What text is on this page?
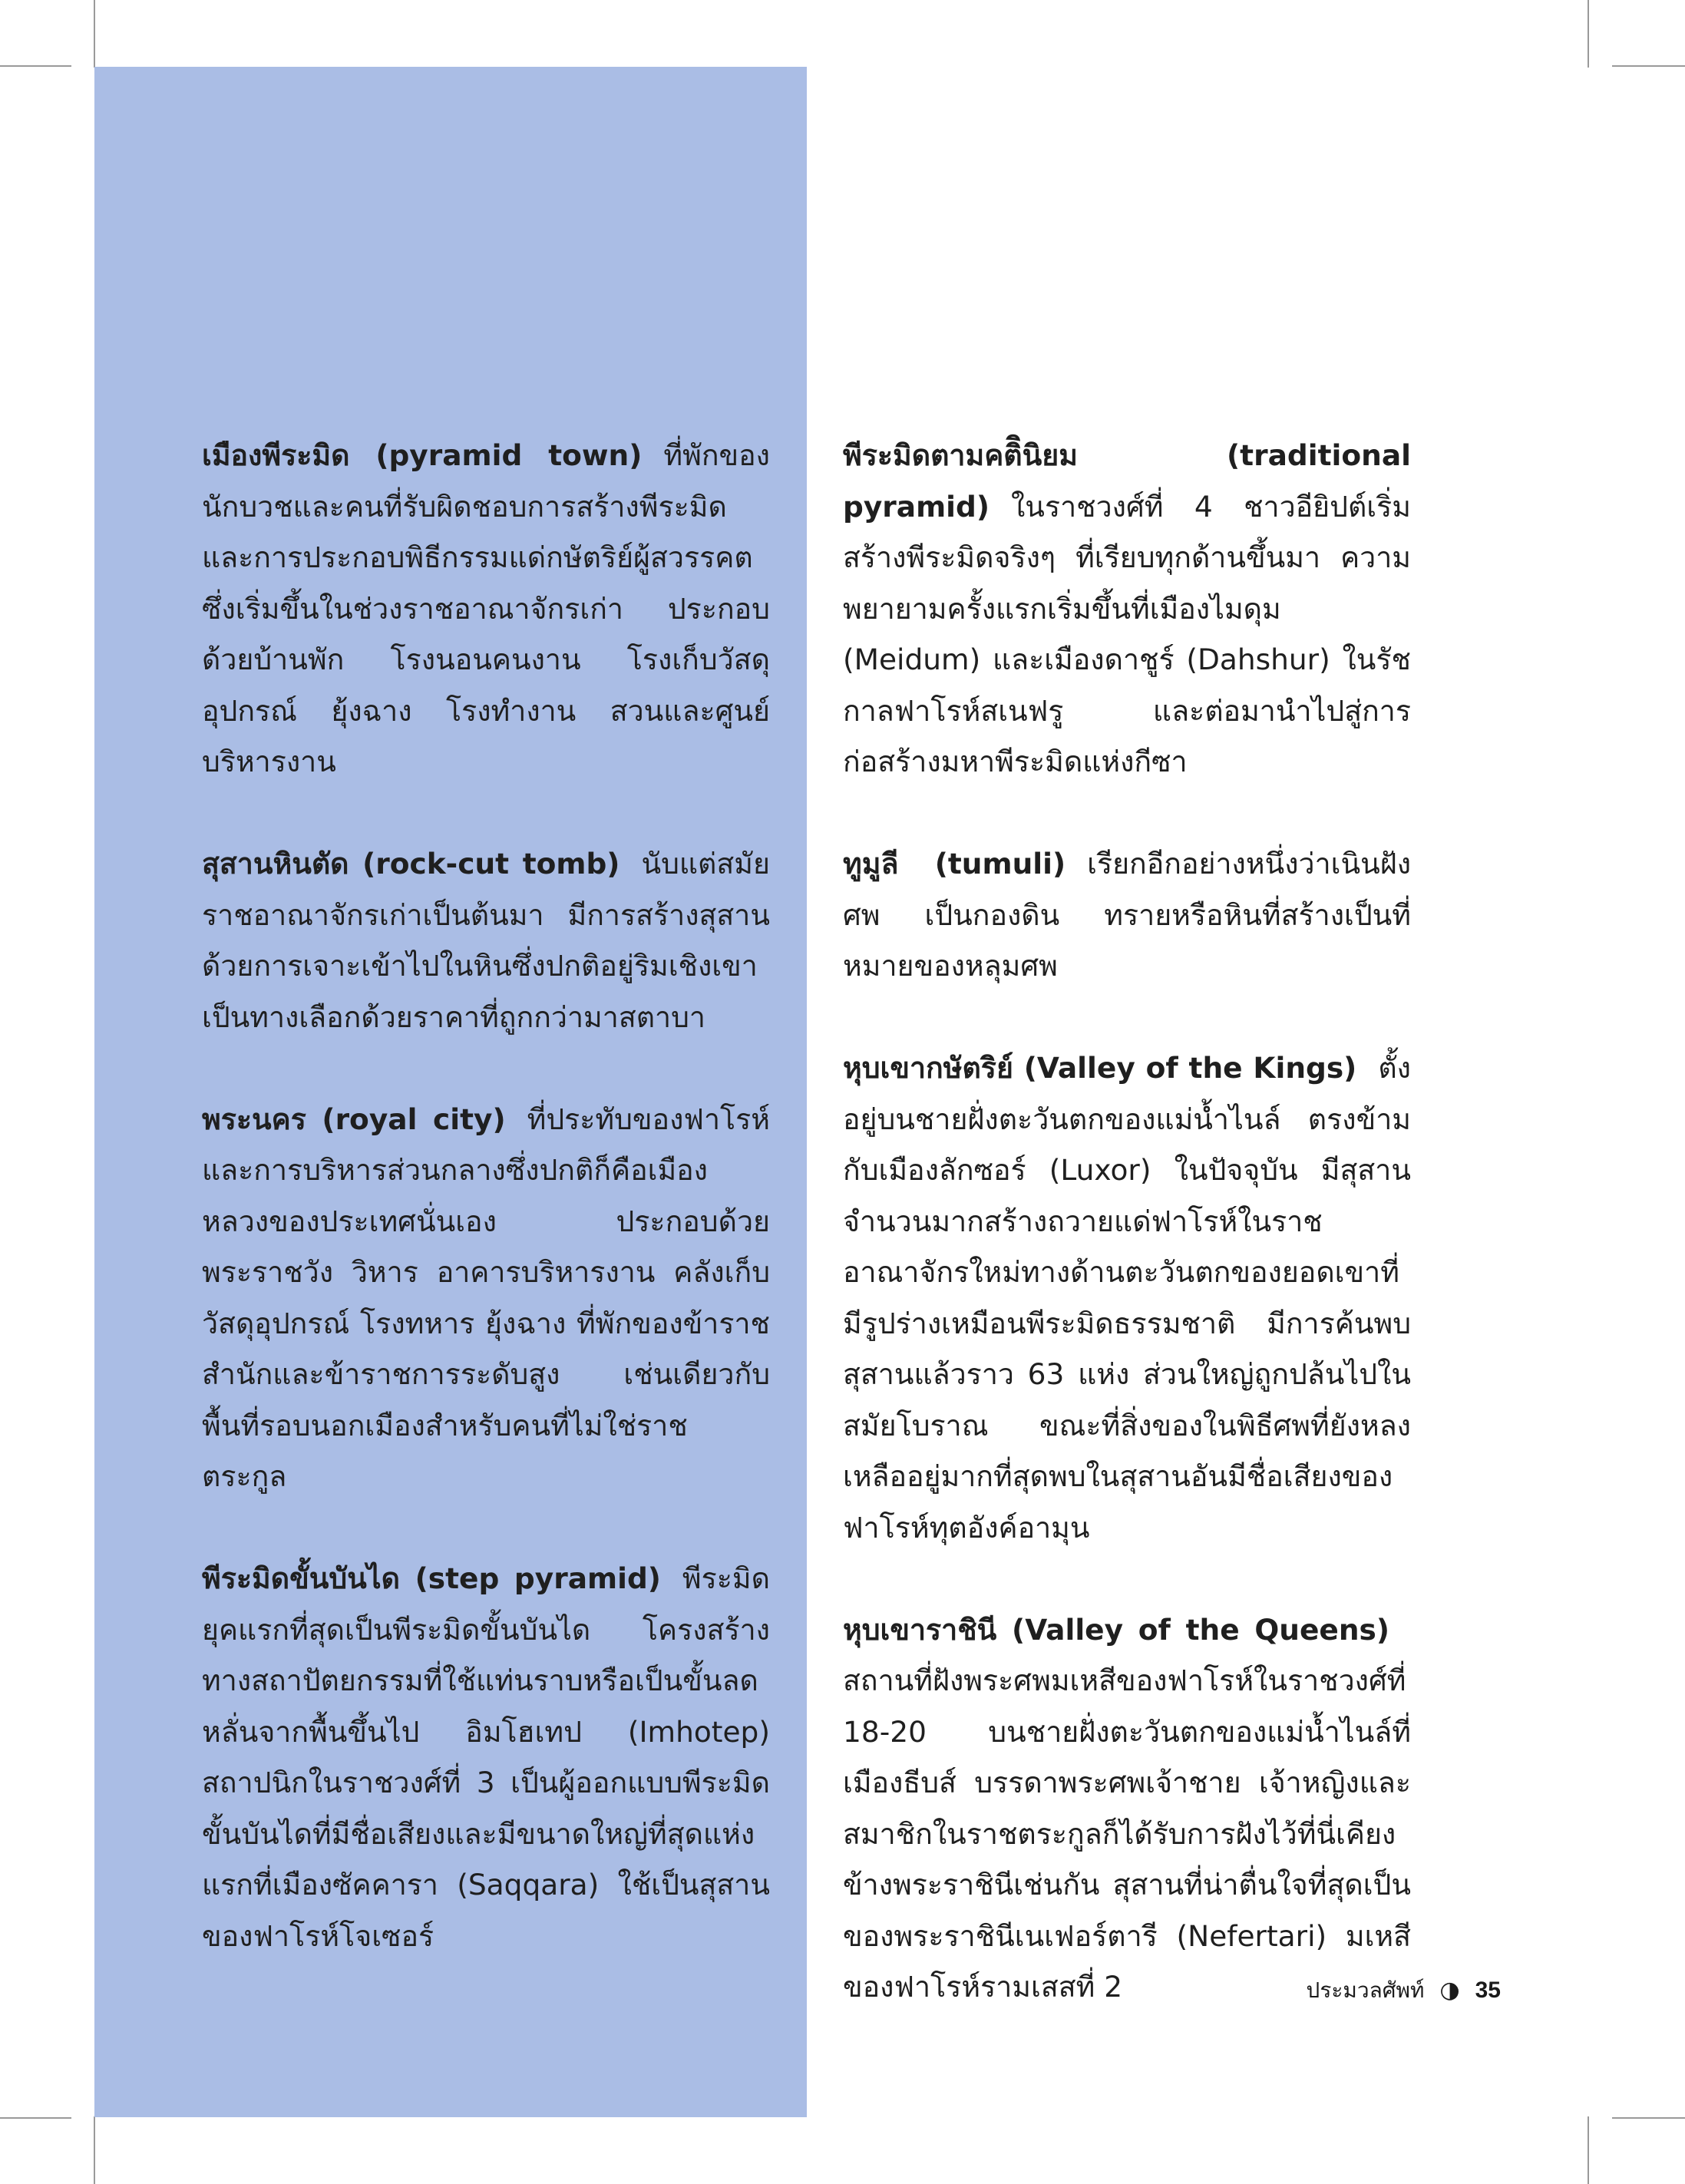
เมืองพีระมิด (pyramid town) ที่พักของนักบวชและคนที่รับผิดชอบการสร้างพีระมิดและการประกอบพิธีกรรมแด่กษัตริย์ผู้สวรรคต ซึ่งเริ่มขึ้นในช่วงราชอาณาจักรเก่า ประกอบด้วยบ้านพัก โรงนอนคนงาน โรงเก็บวัสดุอุปกรณ์ ยุ้งฉาง โรงทำงาน สวนและศูนย์บริหารงาน

สุสานหินตัด (rock-cut tomb) นับแต่สมัยราชอาณาจักรเก่าเป็นต้นมา มีการสร้างสุสานด้วยการเจาะเข้าไปในหินซึ่งปกติอยู่ริมเชิงเขา เป็นทางเลือกด้วยราคาที่ถูกกว่ามาสตาบา

พระนคร (royal city) ที่ประทับของฟาโรห์และการบริหารส่วนกลางซึ่งปกติก็คือเมืองหลวงของประเทศนั่นเอง ประกอบด้วยพระราชวัง วิหาร อาคารบริหารงาน คลังเก็บวัสดุอุปกรณ์ โรงทหาร ยุ้งฉาง ที่พักของข้าราชสำนักและข้าราชการระดับสูง เช่นเดียวกับพื้นที่รอบนอกเมืองสำหรับคนที่ไม่ใช่ราชตระกูล

พีระมิดขั้นบันได (step pyramid) พีระมิดยุคแรกที่สุดเป็นพีระมิดขั้นบันได โครงสร้างทางสถาปัตยกรรมที่ใช้แท่นราบหรือเป็นขั้นลดหลั่นจากพื้นขึ้นไป อิมโฮเทป (Imhotep) สถาปนิกในราชวงศ์ที่ 3 เป็นผู้ออกแบบพีระมิดขั้นบันไดที่มีชื่อเสียงและมีขนาดใหญ่ที่สุดแห่งแรกที่เมืองซัคคารา (Saqqara) ใช้เป็นสุสานของฟาโรห์โจเซอร์

พีระมิดตามคติินิยม (traditional pyramid) ในราชวงศ์ที่ 4 ชาวอียิปต์เริ่มสร้างพีระมิดจริงๆ ที่เรียบทุกด้านขึ้นมา ความพยายามครั้งแรกเริ่มขึ้นที่เมืองไมดุม (Meidum) และเมืองดาชูร์ (Dahshur) ในรัชกาลฟาโรห์สเนฟรู และต่อมานำไปสู่การก่อสร้างมหาพีระมิดแห่งกีซา

ทูมูลี (tumuli) เรียกอีกอย่างหนึ่งว่าเนินฝังศพ เป็นกองดิน ทรายหรือหินที่สร้างเป็นที่หมายของหลุมศพ

หุบเขากษัตริย์ (Valley of the Kings) ตั้งอยู่บนชายฝั่งตะวันตกของแม่น้ำไนล์ ตรงข้ามกับเมืองลักซอร์ (Luxor) ในปัจจุบัน มีสุสานจำนวนมากสร้างถวายแด่ฟาโรห์ในราชอาณาจักรใหม่ทางด้านตะวันตกของยอดเขาที่มีรูปร่างเหมือนพีระมิดธรรมชาติ มีการค้นพบสุสานแล้วราว 63 แห่ง ส่วนใหญ่ถูกปล้นไปในสมัยโบราณ ขณะที่สิ่งของในพิธีศพที่ยังหลงเหลืออยู่มากที่สุดพบในสุสานอันมีชื่อเสียงของฟาโรห์ทุตอังค์อามุน

หุบเขาราชินี (Valley of the Queens)สถานที่ฝังพระศพมเหสีของฟาโรห์ในราชวงศ์ที่ 18-20 บนชายฝั่งตะวันตกของแม่น้ำไนล์ที่เมืองธีบส์ บรรดาพระศพเจ้าชาย เจ้าหญิงและสมาชิกในราชตระกูลก็ได้รับการฝังไว้ที่นี่เคียงข้างพระราชินีเช่นกัน สุสานที่น่าตื่นใจที่สุดเป็นของพระราชินีเนเฟอร์ตารี (Nefertari) มเหสีของฟาโรห์รามเสสที่ 2	ประมวลศัพท์ ◑ 35
